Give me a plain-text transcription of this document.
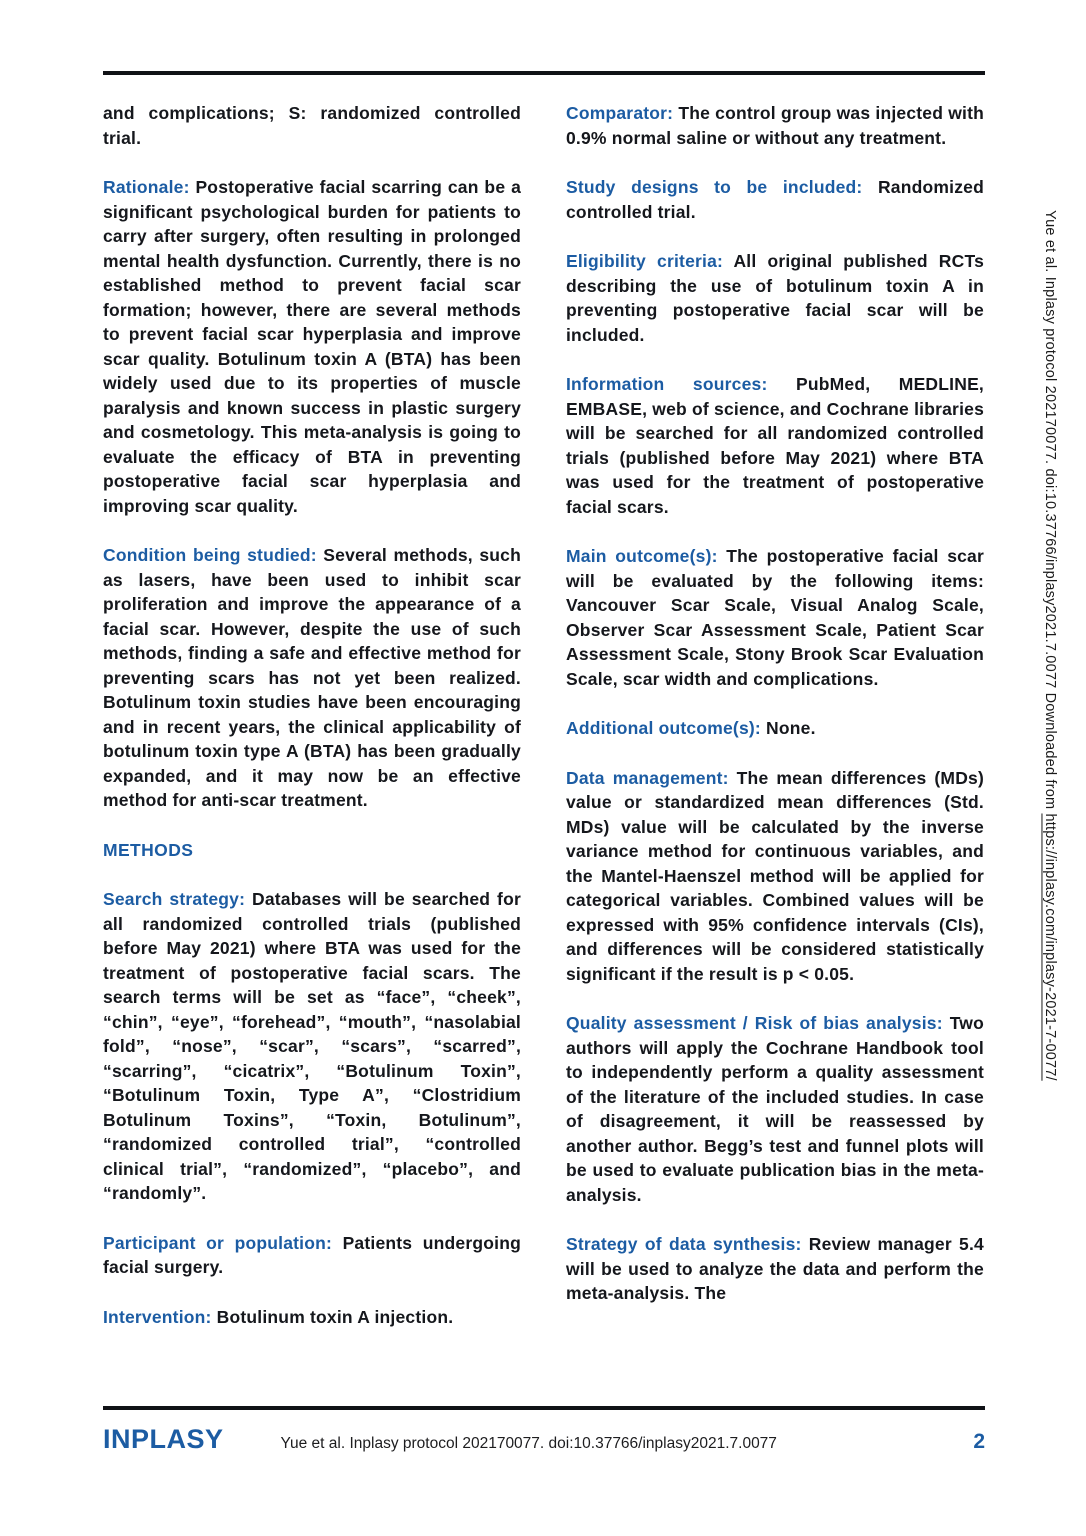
and complications; S: randomized controlled trial.
Rationale: Postoperative facial scarring can be a significant psychological burden for patients to carry after surgery, often resulting in prolonged mental health dysfunction. Currently, there is no established method to prevent facial scar formation; however, there are several methods to prevent facial scar hyperplasia and improve scar quality. Botulinum toxin A (BTA) has been widely used due to its properties of muscle paralysis and known success in plastic surgery and cosmetology. This meta-analysis is going to evaluate the efficacy of BTA in preventing postoperative facial scar hyperplasia and improving scar quality.
Condition being studied: Several methods, such as lasers, have been used to inhibit scar proliferation and improve the appearance of a facial scar. However, despite the use of such methods, finding a safe and effective method for preventing scars has not yet been realized. Botulinum toxin studies have been encouraging and in recent years, the clinical applicability of botulinum toxin type A (BTA) has been gradually expanded, and it may now be an effective method for anti-scar treatment.
METHODS
Search strategy: Databases will be searched for all randomized controlled trials (published before May 2021) where BTA was used for the treatment of postoperative facial scars. The search terms will be set as “face”, “cheek”, “chin”, “eye”, “forehead”, “mouth”, “nasolabial fold”, “nose”, “scar”, “scars”, “scarred”, “scarring”, “cicatrix”, “Botulinum Toxin”, “Botulinum Toxin, Type A”, “Clostridium Botulinum Toxins”, “Toxin, Botulinum”, “randomized controlled trial”, “controlled clinical trial”, “randomized”, “placebo”, and “randomly”.
Participant or population: Patients undergoing facial surgery.
Intervention: Botulinum toxin A injection.
Comparator: The control group was injected with 0.9% normal saline or without any treatment.
Study designs to be included: Randomized controlled trial.
Eligibility criteria: All original published RCTs describing the use of botulinum toxin A in preventing postoperative facial scar will be included.
Information sources: PubMed, MEDLINE, EMBASE, web of science, and Cochrane libraries will be searched for all randomized controlled trials (published before May 2021) where BTA was used for the treatment of postoperative facial scars.
Main outcome(s): The postoperative facial scar will be evaluated by the following items: Vancouver Scar Scale, Visual Analog Scale, Observer Scar Assessment Scale, Patient Scar Assessment Scale, Stony Brook Scar Evaluation Scale, scar width and complications.
Additional outcome(s): None.
Data management: The mean differences (MDs) value or standardized mean differences (Std. MDs) value will be calculated by the inverse variance method for continuous variables, and the Mantel-Haenszel method will be applied for categorical variables. Combined values will be expressed with 95% confidence intervals (CIs), and differences will be considered statistically significant if the result is p < 0.05.
Quality assessment / Risk of bias analysis: Two authors will apply the Cochrane Handbook tool to independently perform a quality assessment of the literature of the included studies. In case of disagreement, it will be reassessed by another author. Begg’s test and funnel plots will be used to evaluate publication bias in the meta-analysis.
Strategy of data synthesis: Review manager 5.4 will be used to analyze the data and perform the meta-analysis. The
Yue et al. Inplasy protocol 202170077. doi:10.37766/inplasy2021.7.0077 Downloaded from https://inplasy.com/inplasy-2021-7-0077/
INPLASY	Yue et al. Inplasy protocol 202170077. doi:10.37766/inplasy2021.7.0077	2
